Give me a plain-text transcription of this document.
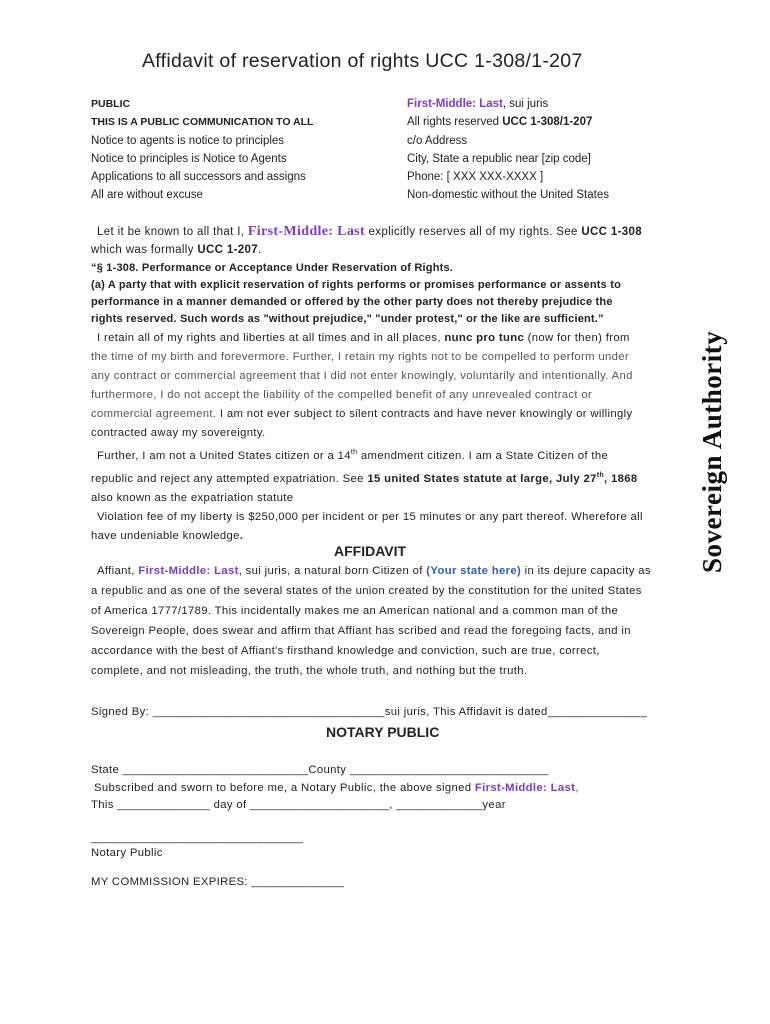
Affidavit of reservation of rights UCC 1-308/1-207
PUBLIC
THIS IS A PUBLIC COMMUNICATION TO ALL
Notice to agents is notice to principles
Notice to principles is Notice to Agents
Applications to all successors and assigns
All are without excuse
First-Middle: Last, sui juris
All rights reserved UCC 1-308/1-207
c/o Address
City, State a republic near [zip code]
Phone: [ XXX XXX-XXXX ]
Non-domestic without the United States
Sovereign Authority
Let it be known to all that I, First-Middle: Last explicitly reserves all of my rights. See UCC 1-308
which was formally UCC 1-207.
“§ 1-308. Performance or Acceptance Under Reservation of Rights.
(a) A party that with explicit reservation of rights performs or promises performance or assents to
performance in a manner demanded or offered by the other party does not thereby prejudice the
rights reserved. Such words as "without prejudice," "under protest," or the like are sufficient.”
I retain all of my rights and liberties at all times and in all places, nunc pro tunc (now for then) from
the time of my birth and forevermore. Further, I retain my rights not to be compelled to perform under
any contract or commercial agreement that I did not enter knowingly, voluntarily and intentionally. And
furthermore, I do not accept the liability of the compelled benefit of any unrevealed contract or
commercial agreement. I am not ever subject to silent contracts and have never knowingly or willingly
contracted away my sovereignty.
Further, I am not a United States citizen or a 14th amendment citizen. I am a State Citizen of the
republic and reject any attempted expatriation. See 15 united States statute at large, July 27th, 1868
also known as the expatriation statute
Violation fee of my liberty is $250,000 per incident or per 15 minutes or any part thereof. Wherefore all
have undeniable knowledge.
AFFIDAVIT
Affiant, First-Middle: Last, sui juris, a natural born Citizen of (Your state here) in its dejure capacity as
a republic and as one of the several states of the union created by the constitution for the united States
of America 1777/1789. This incidentally makes me an American national and a common man of the
Sovereign People, does swear and affirm that Affiant has scribed and read the foregoing facts, and in
accordance with the best of Affiant's firsthand knowledge and conviction, such are true, correct,
complete, and not misleading, the truth, the whole truth, and nothing but the truth.
Signed By: ___________________________________sui juris, This Affidavit is dated_______________
NOTARY PUBLIC
State ____________________________County ______________________________
Subscribed and sworn to before me, a Notary Public, the above signed First-Middle: Last,
This ______________ day of _____________________, _____________year
________________________________
Notary Public
MY COMMISSION EXPIRES: ______________
